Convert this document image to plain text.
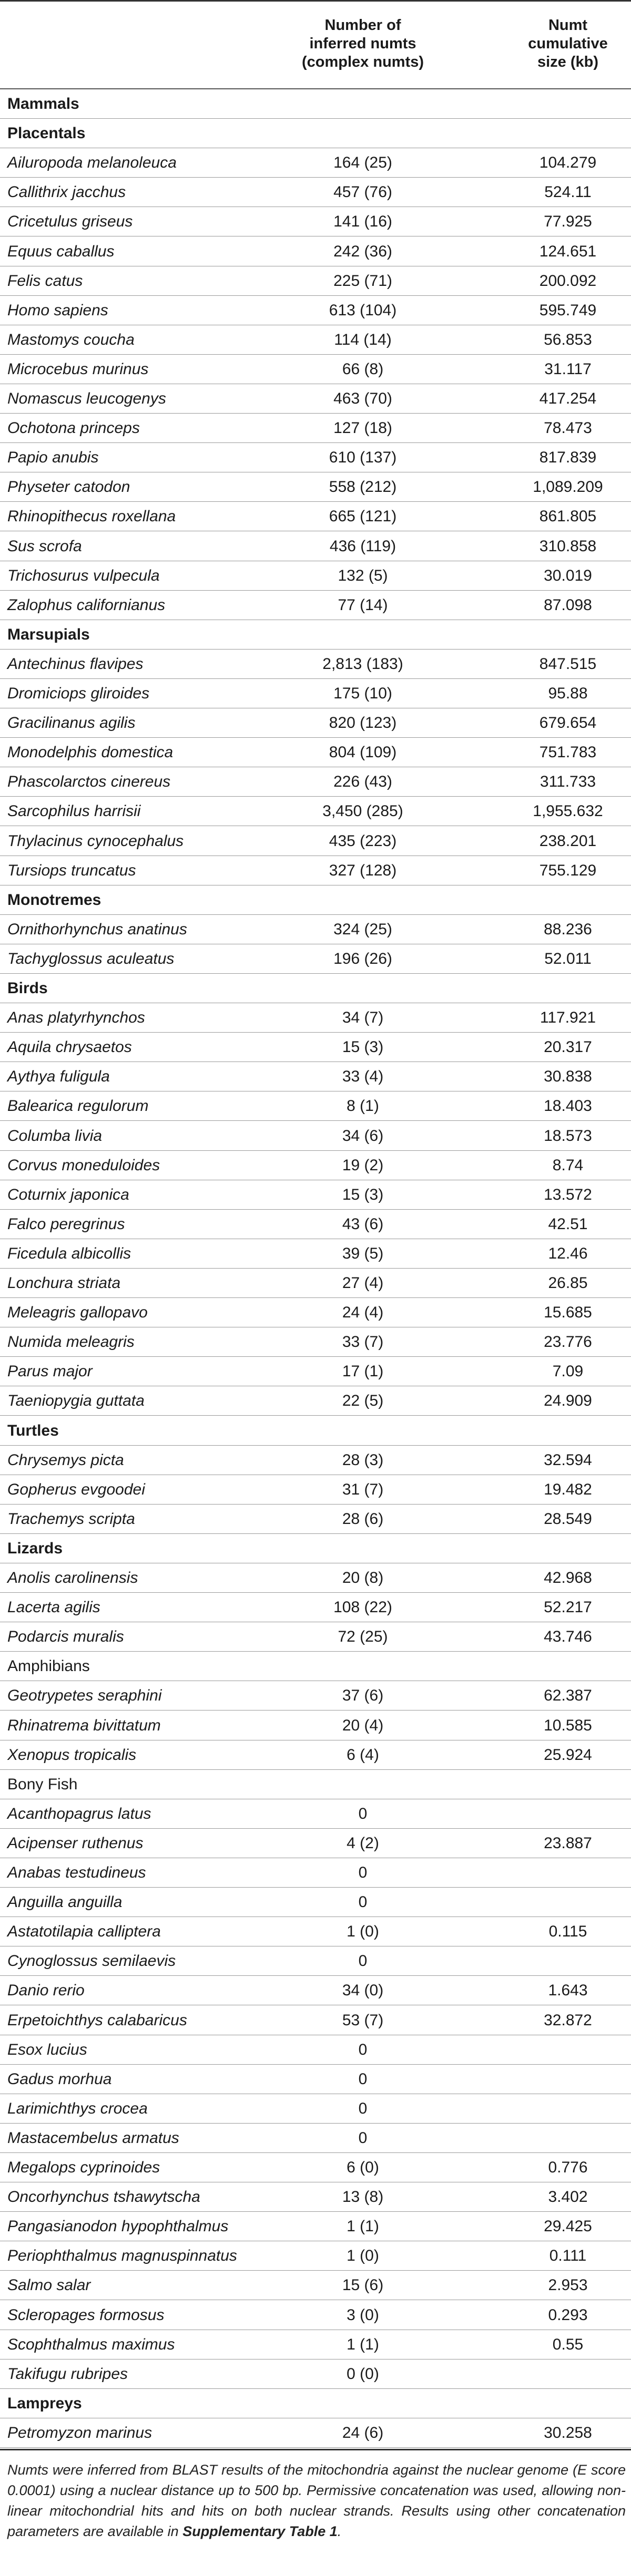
Number of
inferred numts
(complex numts)
Numt
cumulative
size (kb)
Mammals
Placentals
Ailuropoda melanoleuca	164 (25)	104.279
Callithrix jacchus	457 (76)	524.11
Cricetulus griseus	141 (16)	77.925
Equus caballus	242 (36)	124.651
Felis catus	225 (71)	200.092
Homo sapiens	613 (104)	595.749
Mastomys coucha	114 (14)	56.853
Microcebus murinus	66 (8)	31.117
Nomascus leucogenys	463 (70)	417.254
Ochotona princeps	127 (18)	78.473
Papio anubis	610 (137)	817.839
Physeter catodon	558 (212)	1,089.209
Rhinopithecus roxellana	665 (121)	861.805
Sus scrofa	436 (119)	310.858
Trichosurus vulpecula	132 (5)	30.019
Zalophus californianus	77 (14)	87.098
Marsupials
Antechinus flavipes	2,813 (183)	847.515
Dromiciops gliroides	175 (10)	95.88
Gracilinanus agilis	820 (123)	679.654
Monodelphis domestica	804 (109)	751.783
Phascolarctos cinereus	226 (43)	311.733
Sarcophilus harrisii	3,450 (285)	1,955.632
Thylacinus cynocephalus	435 (223)	238.201
Tursiops truncatus	327 (128)	755.129
Monotremes
Ornithorhynchus anatinus	324 (25)	88.236
Tachyglossus aculeatus	196 (26)	52.011
Birds
Anas platyrhynchos	34 (7)	117.921
Aquila chrysaetos	15 (3)	20.317
Aythya fuligula	33 (4)	30.838
Balearica regulorum	8 (1)	18.403
Columba livia	34 (6)	18.573
Corvus moneduloides	19 (2)	8.74
Coturnix japonica	15 (3)	13.572
Falco peregrinus	43 (6)	42.51
Ficedula albicollis	39 (5)	12.46
Lonchura striata	27 (4)	26.85
Meleagris gallopavo	24 (4)	15.685
Numida meleagris	33 (7)	23.776
Parus major	17 (1)	7.09
Taeniopygia guttata	22 (5)	24.909
Turtles
Chrysemys picta	28 (3)	32.594
Gopherus evgoodei	31 (7)	19.482
Trachemys scripta	28 (6)	28.549
Lizards
Anolis carolinensis	20 (8)	42.968
Lacerta agilis	108 (22)	52.217
Podarcis muralis	72 (25)	43.746
Amphibians
Geotrypetes seraphini	37 (6)	62.387
Rhinatrema bivittatum	20 (4)	10.585
Xenopus tropicalis	6 (4)	25.924
Bony Fish
Acanthopagrus latus	0
Acipenser ruthenus	4 (2)	23.887
Anabas testudineus	0
Anguilla anguilla	0
Astatotilapia calliptera	1 (0)	0.115
Cynoglossus semilaevis	0
Danio rerio	34 (0)	1.643
Erpetoichthys calabaricus	53 (7)	32.872
Esox lucius	0
Gadus morhua	0
Larimichthys crocea	0
Mastacembelus armatus	0
Megalops cyprinoides	6 (0)	0.776
Oncorhynchus tshawytscha	13 (8)	3.402
Pangasianodon hypophthalmus	1 (1)	29.425
Periophthalmus magnuspinnatus	1 (0)	0.111
Salmo salar	15 (6)	2.953
Scleropages formosus	3 (0)	0.293
Scophthalmus maximus	1 (1)	0.55
Takifugu rubripes	0 (0)
Lampreys
Petromyzon marinus	24 (6)	30.258
Numts were inferred from BLAST results of the mitochondria against the nuclear genome (E score 0.0001) using a nuclear distance up to 500 bp. Permissive concatenation was used, allowing non-linear mitochondrial hits and hits on both nuclear strands. Results using other concatenation parameters are available in Supplementary Table 1.
